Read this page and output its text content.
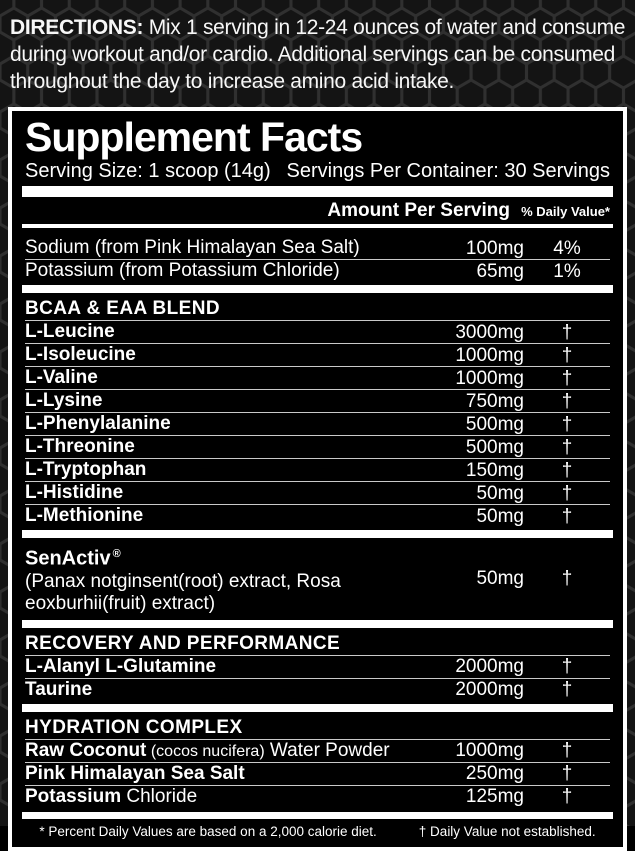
DIRECTIONS: Mix 1 serving in 12-24 ounces of water and consume during workout and/or cardio. Additional servings can be consumed throughout the day to increase amino acid intake.
Supplement Facts
Serving Size: 1 scoop (14g) Servings Per Container: 30 Servings
Amount Per Serving % Daily Value*
Sodium (from Pink Himalayan Sea Salt)	100mg	4%
Potassium (from Potassium Chloride)	65mg	1%
BCAA & EAA BLEND
L-Leucine	3000mg	†
L-Isoleucine	1000mg	†
L-Valine	1000mg	†
L-Lysine	750mg	†
L-Phenylalanine	500mg	†
L-Threonine	500mg	†
L-Tryptophan	150mg	†
L-Histidine	50mg	†
L-Methionine	50mg	†
SenActiv ®
(Panax notginsent(root) extract, Rosa
eoxburhii(fruit) extract)
50mg	†
RECOVERY AND PERFORMANCE
L-Alanyl L-Glutamine	2000mg	†
Taurine	2000mg	†
HYDRATION COMPLEX
Raw Coconut (cocos nucifera) Water Powder	1000mg	†
Pink Himalayan Sea Salt	250mg	†
Potassium Chloride	125mg	†
* Percent Daily Values are based on a 2,000 calorie diet.	† Daily Value not established.
